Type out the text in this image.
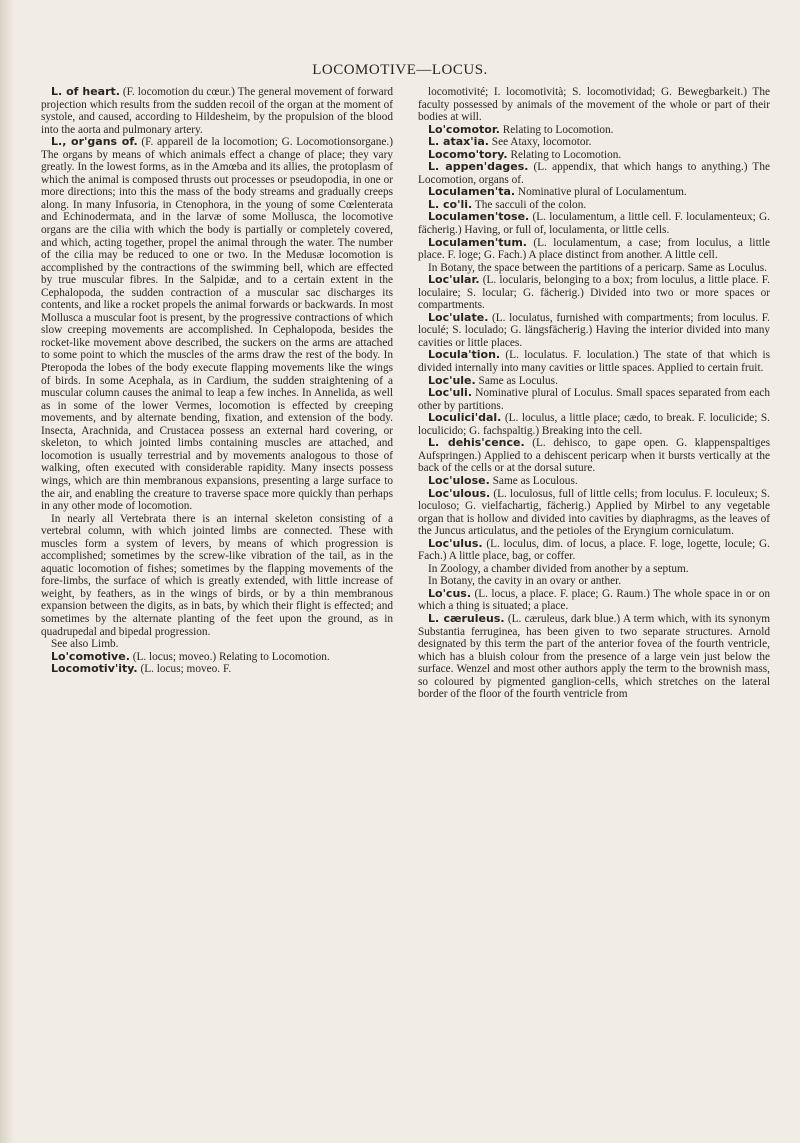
LOCOMOTIVE—LOCUS.

L. of heart. (F. locomotion du cœur.) The general movement of forward projection which results from the sudden recoil of the organ at the moment of systole, and caused, according to Hildesheim, by the propulsion of the blood into the aorta and pulmonary artery.

L., or'gans of. (F. appareil de la locomotion; G. Locomotionsorgane.) The organs by means of which animals effect a change of place; they vary greatly. In the lowest forms, as in the Amœba and its allies, the protoplasm of which the animal is composed thrusts out processes or pseudopodia, in one or more directions; into this the mass of the body streams and gradually creeps along. In many Infusoria, in Ctenophora, in the young of some Cœlenterata and Echinodermata, and in the larvæ of some Mollusca, the locomotive organs are the cilia with which the body is partially or completely covered, and which, acting together, propel the animal through the water. The number of the cilia may be reduced to one or two. In the Medusæ locomotion is accomplished by the contractions of the swimming bell, which are effected by true muscular fibres. In the Salpidæ, and to a certain extent in the Cephalopoda, the sudden contraction of a muscular sac discharges its contents, and like a rocket propels the animal forwards or backwards. In most Mollusca a muscular foot is present, by the progressive contractions of which slow creeping movements are accomplished. In Cephalopoda, besides the rocket-like movement above described, the suckers on the arms are attached to some point to which the muscles of the arms draw the rest of the body. In Pteropoda the lobes of the body execute flapping movements like the wings of birds. In some Acephala, as in Cardium, the sudden straightening of a muscular column causes the animal to leap a few inches. In Annelida, as well as in some of the lower Vermes, locomotion is effected by creeping movements, and by alternate bending, fixation, and extension of the body. Insecta, Arachnida, and Crustacea possess an external hard covering, or skeleton, to which jointed limbs containing muscles are attached, and locomotion is usually terrestrial and by movements analogous to those of walking, often executed with considerable rapidity. Many insects possess wings, which are thin membranous expansions, presenting a large surface to the air, and enabling the creature to traverse space more quickly than perhaps in any other mode of locomotion.

In nearly all Vertebrata there is an internal skeleton consisting of a vertebral column, with which jointed limbs are connected. These with muscles form a system of levers, by means of which progression is accomplished; sometimes by the screw-like vibration of the tail, as in the aquatic locomotion of fishes; sometimes by the flapping movements of the fore-limbs, the surface of which is greatly extended, with little increase of weight, by feathers, as in the wings of birds, or by a thin membranous expansion between the digits, as in bats, by which their flight is effected; and sometimes by the alternate planting of the feet upon the ground, as in quadrupedal and bipedal progression.

See also Limb.

Lo'comotive. (L. locus; moveo.) Relating to Locomotion.

Locomotiv'ity. (L. locus; moveo. F.

locomotivité; I. locomotività; S. locomotividad; G. Bewegbarkeit.) The faculty possessed by animals of the movement of the whole or part of their bodies at will.

Lo'comotor. Relating to Locomotion.

L. atax'ia. See Ataxy, locomotor.

Locomo'tory. Relating to Locomotion.

L. appen'dages. (L. appendix, that which hangs to anything.) The Locomotion, organs of.

Loculamen'ta. Nominative plural of Loculamentum.

L. co'li. The sacculi of the colon.

Loculamen'tose. (L. loculamentum, a little cell. F. loculamenteux; G. fächerig.) Having, or full of, loculamenta, or little cells.

Loculamen'tum. (L. loculamentum, a case; from loculus, a little place. F. loge; G. Fach.) A place distinct from another. A little cell.

In Botany, the space between the partitions of a pericarp. Same as Loculus.

Loc'ular. (L. locularis, belonging to a box; from loculus, a little place. F. loculaire; S. locular; G. fächerig.) Divided into two or more spaces or compartments.

Loc'ulate. (L. loculatus, furnished with compartments; from loculus. F. loculé; S. loculado; G. längsfächerig.) Having the interior divided into many cavities or little places.

Locula'tion. (L. loculatus. F. loculation.) The state of that which is divided internally into many cavities or little spaces. Applied to certain fruit.

Loc'ule. Same as Loculus.

Loc'uli. Nominative plural of Loculus. Small spaces separated from each other by partitions.

Loculici'dal. (L. loculus, a little place; cædo, to break. F. loculicide; S. loculicido; G. fachspaltig.) Breaking into the cell.

L. dehis'cence. (L. dehisco, to gape open. G. klappenspaltiges Aufspringen.) Applied to a dehiscent pericarp when it bursts vertically at the back of the cells or at the dorsal suture.

Loc'ulose. Same as Loculous.

Loc'ulous. (L. loculosus, full of little cells; from loculus. F. loculeux; S. loculoso; G. vielfachartig, fächerig.) Applied by Mirbel to any vegetable organ that is hollow and divided into cavities by diaphragms, as the leaves of the Juncus articulatus, and the petioles of the Eryngium corniculatum.

Loc'ulus. (L. loculus, dim. of locus, a place. F. loge, logette, locule; G. Fach.) A little place, bag, or coffer.

In Zoology, a chamber divided from another by a septum.

In Botany, the cavity in an ovary or anther.

Lo'cus. (L. locus, a place. F. place; G. Raum.) The whole space in or on which a thing is situated; a place.

L. cæruleus. (L. cæruleus, dark blue.) A term which, with its synonym Substantia ferruginea, has been given to two separate structures. Arnold designated by this term the part of the anterior fovea of the fourth ventricle, which has a bluish colour from the presence of a large vein just below the surface. Wenzel and most other authors apply the term to the brownish mass, so coloured by pigmented ganglion-cells, which stretches on the lateral border of the floor of the fourth ventricle from
